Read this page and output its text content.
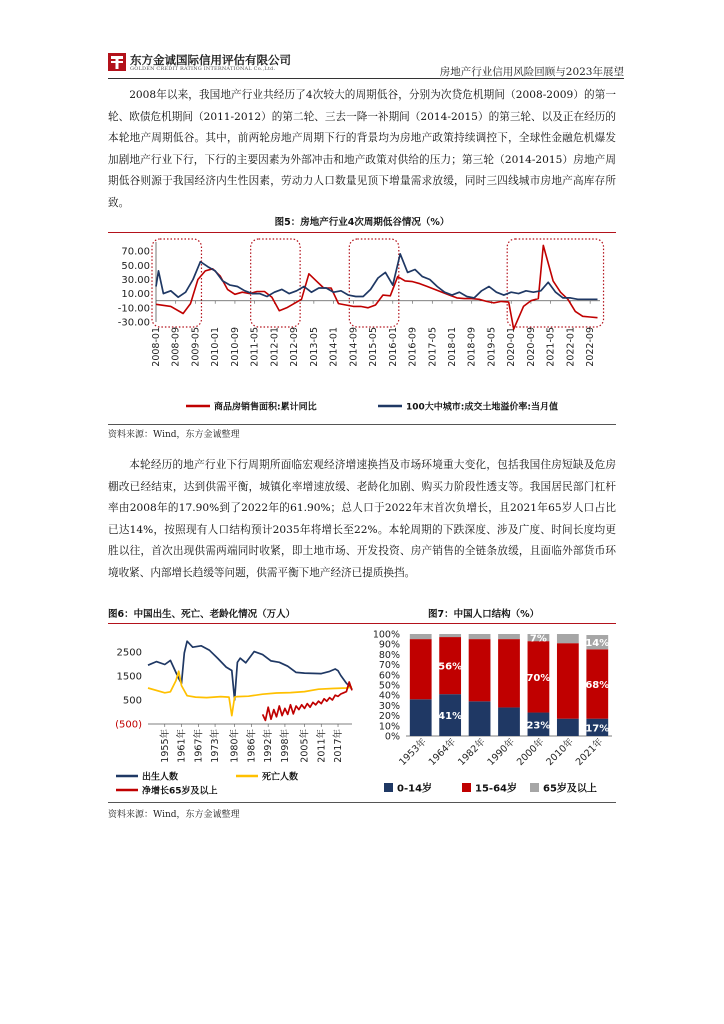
东方金诚国际信用评估有限公司
GOLDEN CREDIT RATING INTERNATIONAL Co.,Ltd.	房地产行业信用风险回顾与2023年展望

2008年以来，我国地产行业共经历了4次较大的周期低谷，分别为次贷危机期间（2008-2009）的第一轮、欧债危机期间（2011-2012）的第二轮、三去一降一补期间（2014-2015）的第三轮、以及正在经历的本轮地产周期低谷。其中，前两轮房地产周期下行的背景均为房地产政策持续调控下，全球性金融危机爆发加剧地产行业下行，下行的主要因素为外部冲击和地产政策对供给的压力；第三轮（2014-2015）房地产周期低谷则源于我国经济内生性因素，劳动力人口数量见顶下增量需求放缓，同时三四线城市房地产高库存所致。

图5：房地产行业4次周期低谷情况（%）
70.00
50.00
30.00
10.00
-10.00
-30.00
2008-01 2008-09 2009-05 2010-01 2010-09 2011-05 2012-01 2012-09 2013-05 2014-01 2014-09 2015-05 2016-01 2016-09 2017-05 2018-01 2018-09 2019-05 2020-01 2020-09 2021-05 2022-01 2022-09
商品房销售面积:累计同比	100大中城市:成交土地溢价率:当月值
资料来源：Wind，东方金诚整理

本轮经历的地产行业下行周期所面临宏观经济增速换挡及市场环境重大变化，包括我国住房短缺及危房棚改已经结束，达到供需平衡，城镇化率增速放缓、老龄化加剧、购买力阶段性透支等。我国居民部门杠杆率由2008年的17.90%到了2022年的61.90%；总人口于2022年末首次负增长，且2021年65岁人口占比已达14%，按照现有人口结构预计2035年将增长至22%。本轮周期的下跌深度、涉及广度、时间长度均更胜以往，首次出现供需两端同时收紧，即土地市场、开发投资、房产销售的全链条放缓，且面临外部货币环境收紧、内部增长趋缓等问题，供需平衡下地产经济已提质换挡。

图6：中国出生、死亡、老龄化情况（万人）	图7：中国人口结构（%）
2500
1500
500
(500)
1955年 1961年 1967年 1973年 1980年 1986年 1992年 1998年 2005年 2011年 2017年
出生人数	死亡人数
净增长65岁及以上
100%
90%
80%
70%
60%
50%
40%
30%
20%
10%
0%
1953年
41%
56%
1964年
1982年
1990年
23%
70%
7%
2000年
2010年
17%
68%
14%
2021年
0-14岁	15-64岁	65岁及以上
资料来源：Wind，东方金诚整理
